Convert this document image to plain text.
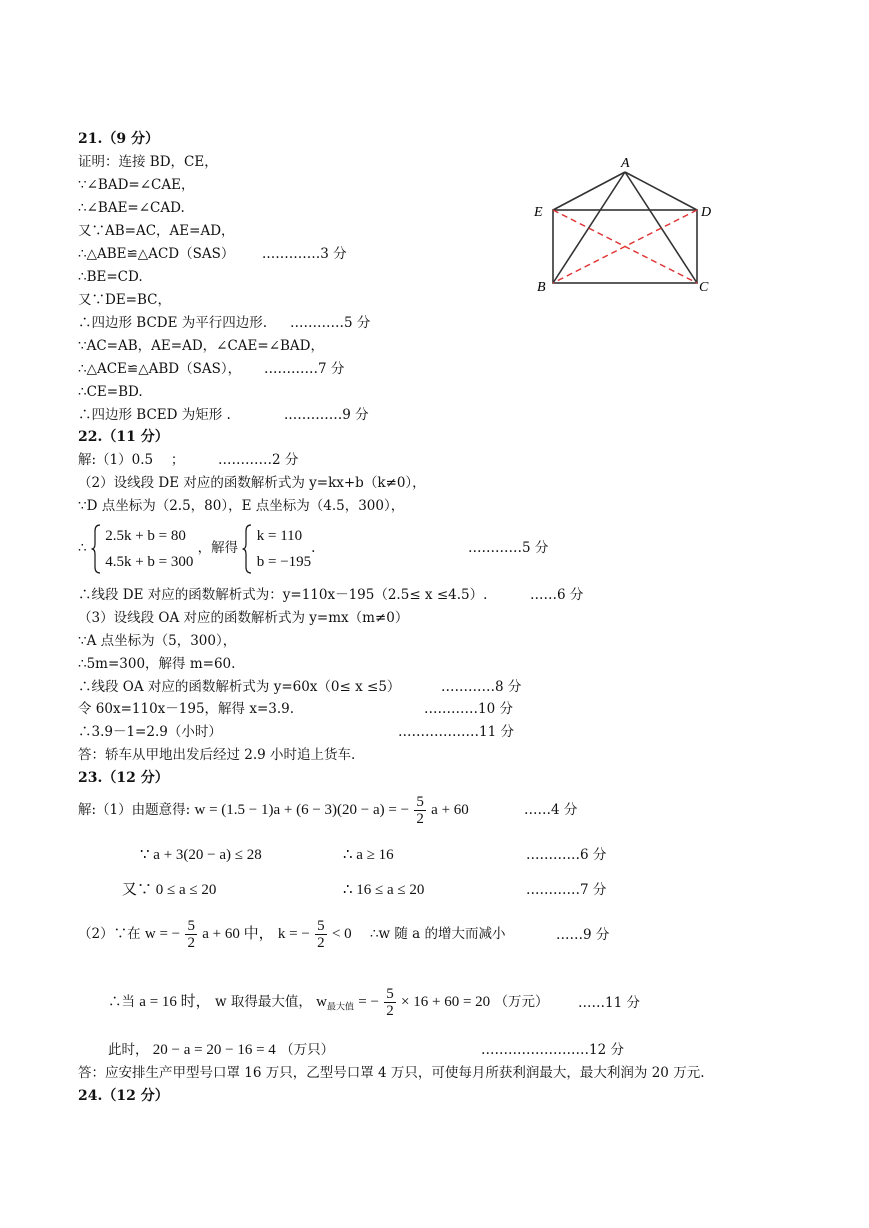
21.（9 分）
证明：连接 BD，CE，
∵∠BAD=∠CAE，
∴∠BAE=∠CAD.
又∵AB=AC，AE=AD，
∴△ABE≌△ACD（SAS） .…………3 分
∴BE=CD.
又∵DE=BC，
∴四边形 BCDE 为平行四边形. …………5 分
∵AC=AB，AE=AD，∠CAE=∠BAD，
∴△ACE≌△ABD（SAS）， …………7 分
∴CE=BD.
∴四边形 BCED 为矩形 .	.…………9 分
A
E	D
B	C
22.（11 分）
解:（1）0.5　 ； …………2 分
（2）设线段 DE 对应的函数解析式为 y=kx+b（k≠0），
∵D 点坐标为（2.5，80），E 点坐标为（4.5，300），
∴
2.5k + b = 80
4.5k + b = 300
，解得
k = 110
b = −195
.	…………5 分
∴线段 DE 对应的函数解析式为：y=110x－195（2.5≤ x ≤4.5）.	……6 分
（3）设线段 OA 对应的函数解析式为 y=mx（m≠0）
∵A 点坐标为（5，300），
∴5m=300，解得 m=60.
∴线段 OA 对应的函数解析式为 y=60x（0≤ x ≤5）	…………8 分
令 60x=110x－195，解得 x=3.9.	…………10 分
∴3.9－1=2.9（小时）	………………11 分
答：轿车从甲地出发后经过 2.9 小时追上货车.
23.（12 分）
解:（1）由题意得: w = (1.5 − 1)a + (6 − 3)(20 − a) = − $\frac{5}{2}$ a + 60	……4 分
∵ a + 3(20 − a) ≤ 28	∴ a ≥ 16	…………6 分
又∵ 0 ≤ a ≤ 20	∴ 16 ≤ a ≤ 20	…………7 分
（2）∵在 w = − $\frac{5}{2}$ a + 60 中， k = − $\frac{5}{2} < 0$ ∴w 随 a 的增大而减小	……9 分
∴当 a = 16 时， w 取得最大值， $w_{最大值}$ = − $\frac{5}{2} \times 16 + 60 = 20$ （万元） ……11 分
此时， 20 − a = 20 − 16 = 4 （万只）	……………………12 分
答：应安排生产甲型号口罩 16 万只，乙型号口罩 4 万只，可使每月所获利润最大，最大利润为 20 万元.
24.（12 分）
